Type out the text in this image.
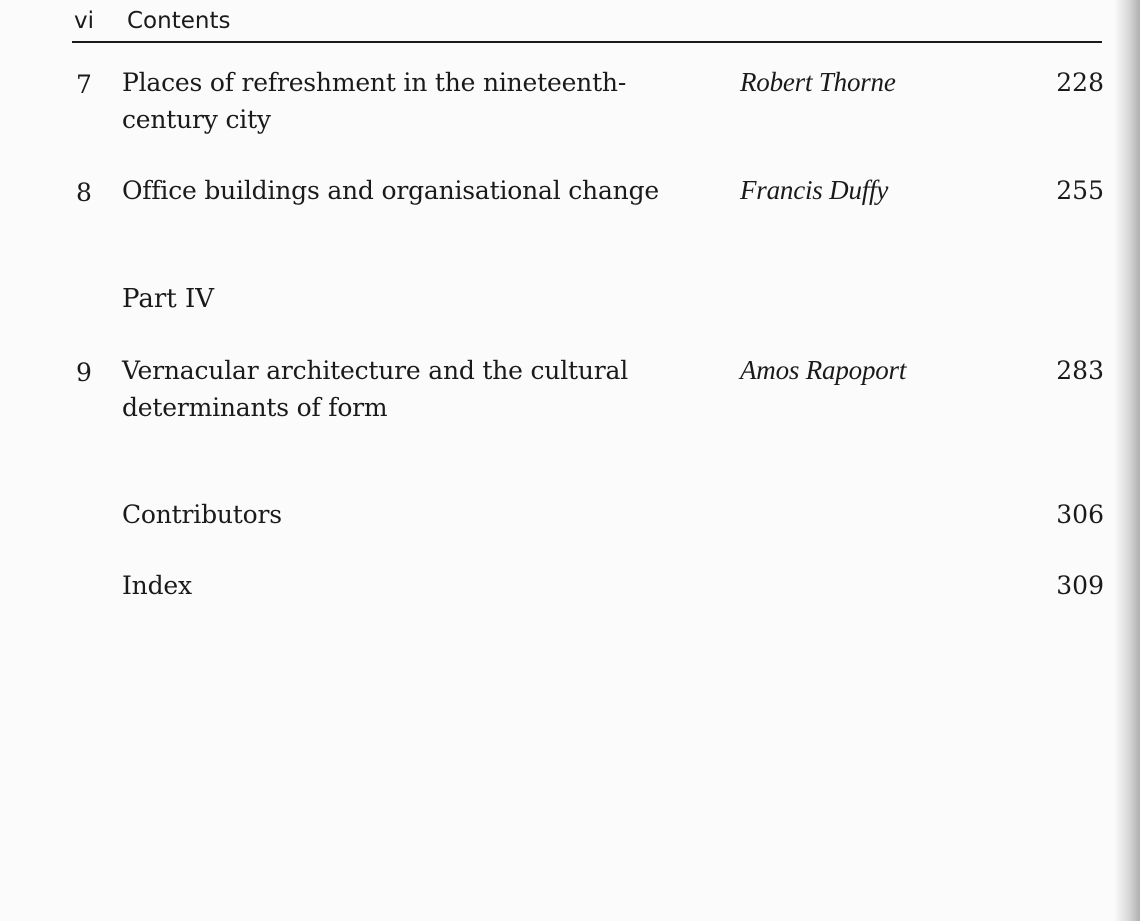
vi Contents
7	Places of refreshment in the nineteenth-
century city
Robert Thorne	228
8	Office buildings and organisational change	Francis Duffy	255
Part IV
9	Vernacular architecture and the cultural
determinants of form
Amos Rapoport	283
Contributors	306
Index	309
